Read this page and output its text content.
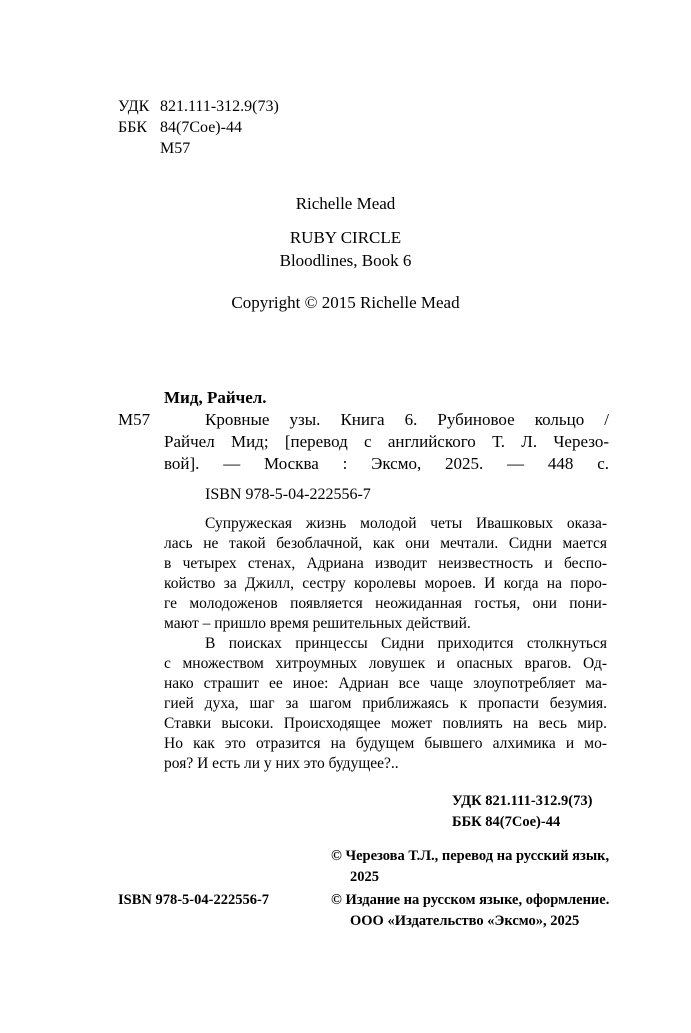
УДК 821.111-312.9(73)
ББК 84(7Сое)-44
М57
Richelle Mead
RUBY CIRCLE
Bloodlines, Book 6
Copyright © 2015 Richelle Mead
Мид, Райчел.
М57	Кровные узы. Книга 6. Рубиновое кольцо /
Райчел Мид; [перевод с английского Т. Л. Черезо-
вой]. — Москва : Эксмо, 2025. — 448 с.
ISBN 978-5-04-222556-7
Супружеская жизнь молодой четы Ивашковых оказа-
лась не такой безоблачной, как они мечтали. Сидни мается
в четырех стенах, Адриана изводит неизвестность и беспо-
койство за Джилл, сестру королевы мороев. И когда на поро-
ге молодоженов появляется неожиданная гостья, они пони-
мают – пришло время решительных действий.
В поисках принцессы Сидни приходится столкнуться
с множеством хитроумных ловушек и опасных врагов. Од-
нако страшит ее иное: Адриан все чаще злоупотребляет ма-
гией духа, шаг за шагом приближаясь к пропасти безумия.
Ставки высоки. Происходящее может повлиять на весь мир.
Но как это отразится на будущем бывшего алхимика и мо-
роя? И есть ли у них это будущее?..
УДК 821.111-312.9(73)
ББК 84(7Сое)-44
ISBN 978-5-04-222556-7
© Черезова Т.Л., перевод на русский язык,
2025
© Издание на русском языке, оформление.
ООО «Издательство «Эксмо», 2025
